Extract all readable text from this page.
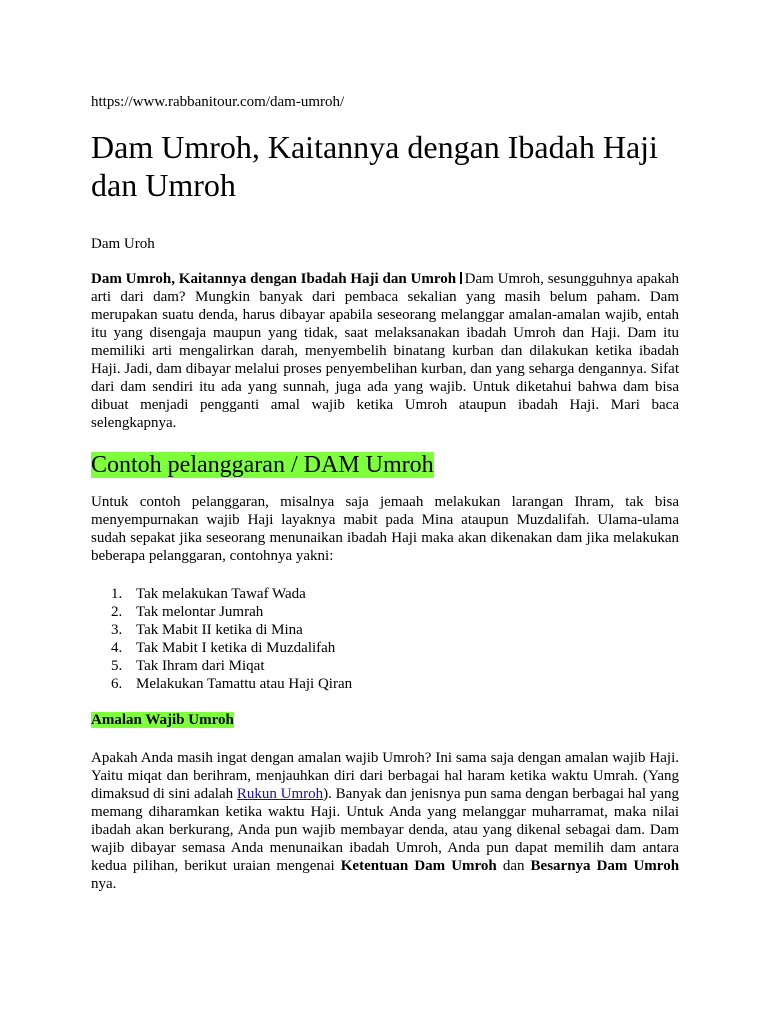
https://www.rabbanitour.com/dam-umroh/
Dam Umroh, Kaitannya dengan Ibadah Haji dan Umroh
Dam Uroh

Dam Umroh, Kaitannya dengan Ibadah Haji dan Umroh Dam Umroh, sesungguhnya apakah arti dari dam? Mungkin banyak dari pembaca sekalian yang masih belum paham. Dam merupakan suatu denda, harus dibayar apabila seseorang melanggar amalan-amalan wajib, entah itu yang disengaja maupun yang tidak, saat melaksanakan ibadah Umroh dan Haji. Dam itu memiliki arti mengalirkan darah, menyembelih binatang kurban dan dilakukan ketika ibadah Haji. Jadi, dam dibayar melalui proses penyembelihan kurban, dan yang seharga dengannya. Sifat dari dam sendiri itu ada yang sunnah, juga ada yang wajib. Untuk diketahui bahwa dam bisa dibuat menjadi pengganti amal wajib ketika Umroh ataupun ibadah Haji. Mari baca selengkapnya.

Contoh pelanggaran / DAM Umroh

Untuk contoh pelanggaran, misalnya saja jemaah melakukan larangan Ihram, tak bisa menyempurnakan wajib Haji layaknya mabit pada Mina ataupun Muzdalifah. Ulama-ulama sudah sepakat jika seseorang menunaikan ibadah Haji maka akan dikenakan dam jika melakukan beberapa pelanggaran, contohnya yakni:

1. Tak melakukan Tawaf Wada
2. Tak melontar Jumrah
3. Tak Mabit II ketika di Mina
4. Tak Mabit I ketika di Muzdalifah
5. Tak Ihram dari Miqat
6. Melakukan Tamattu atau Haji Qiran
Amalan Wajib Umroh

Apakah Anda masih ingat dengan amalan wajib Umroh? Ini sama saja dengan amalan wajib Haji. Yaitu miqat dan berihram, menjauhkan diri dari berbagai hal haram ketika waktu Umrah. (Yang dimaksud di sini adalah Rukun Umroh). Banyak dan jenisnya pun sama dengan berbagai hal yang memang diharamkan ketika waktu Haji. Untuk Anda yang melanggar muharramat, maka nilai ibadah akan berkurang, Anda pun wajib membayar denda, atau yang dikenal sebagai dam. Dam wajib dibayar semasa Anda menunaikan ibadah Umroh, Anda pun dapat memilih dam antara kedua pilihan, berikut uraian mengenai Ketentuan Dam Umroh dan Besarnya Dam Umroh nya.
